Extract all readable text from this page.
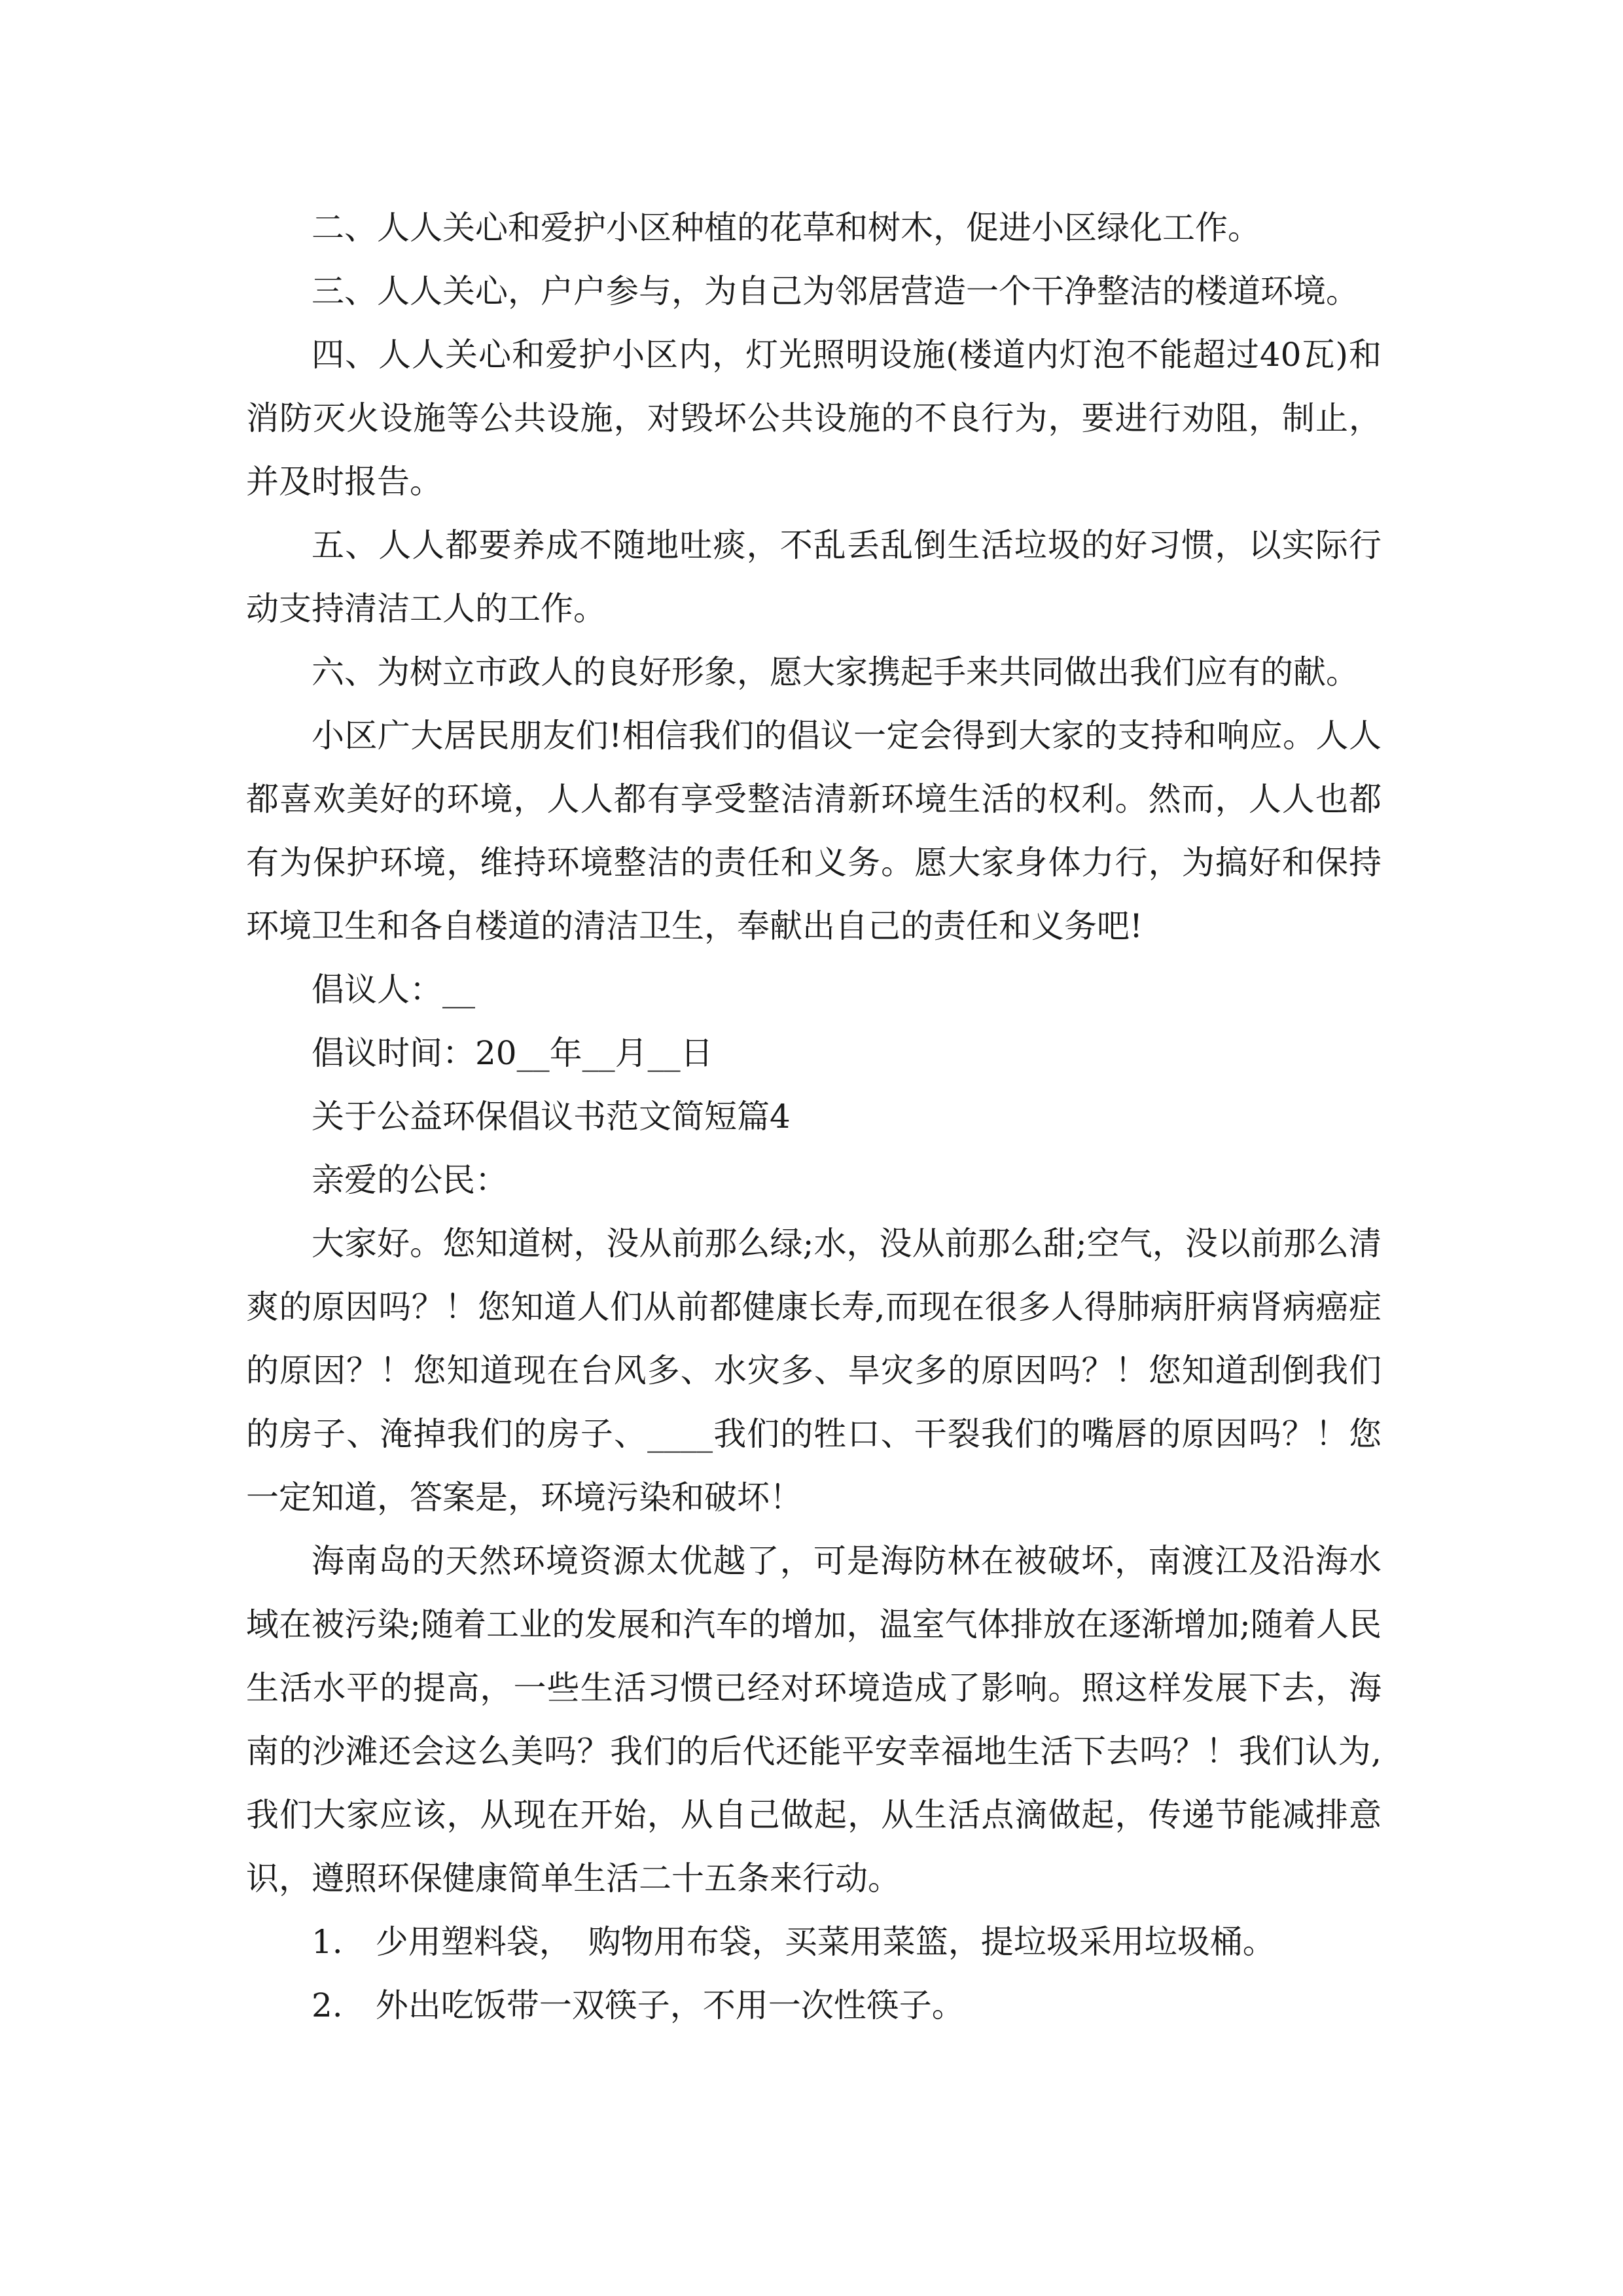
二、人人关心和爱护小区种植的花草和树木，促进小区绿化工作。

三、人人关心，户户参与，为自己为邻居营造一个干净整洁的楼道环境。

四、人人关心和爱护小区内，灯光照明设施(楼道内灯泡不能超过40瓦)和消防灭火设施等公共设施，对毁坏公共设施的不良行为，要进行劝阻，制止，并及时报告。

五、人人都要养成不随地吐痰，不乱丢乱倒生活垃圾的好习惯，以实际行动支持清洁工人的工作。

六、为树立市政人的良好形象，愿大家携起手来共同做出我们应有的献。

小区广大居民朋友们!相信我们的倡议一定会得到大家的支持和响应。人人都喜欢美好的环境，人人都有享受整洁清新环境生活的权利。然而，人人也都有为保护环境，维持环境整洁的责任和义务。愿大家身体力行，为搞好和保持环境卫生和各自楼道的清洁卫生，奉献出自己的责任和义务吧!

倡议人：__

倡议时间：20__年__月__日

关于公益环保倡议书范文简短篇4

亲爱的公民：

大家好。您知道树，没从前那么绿;水，没从前那么甜;空气，没以前那么清爽的原因吗？！您知道人们从前都健康长寿,而现在很多人得肺病肝病肾病癌症的原因？！您知道现在台风多、水灾多、旱灾多的原因吗？！您知道刮倒我们的房子、淹掉我们的房子、____我们的牲口、干裂我们的嘴唇的原因吗？！您一定知道，答案是，环境污染和破坏！

海南岛的天然环境资源太优越了，可是海防林在被破坏，南渡江及沿海水域在被污染;随着工业的发展和汽车的增加，温室气体排放在逐渐增加;随着人民生活水平的提高，一些生活习惯已经对环境造成了影响。照这样发展下去，海南的沙滩还会这么美吗？我们的后代还能平安幸福地生活下去吗？！我们认为,我们大家应该，从现在开始，从自己做起，从生活点滴做起，传递节能减排意识，遵照环保健康简单生活二十五条来行动。

1.　少用塑料袋，　购物用布袋，买菜用菜篮，提垃圾采用垃圾桶。

2.　外出吃饭带一双筷子，不用一次性筷子。
